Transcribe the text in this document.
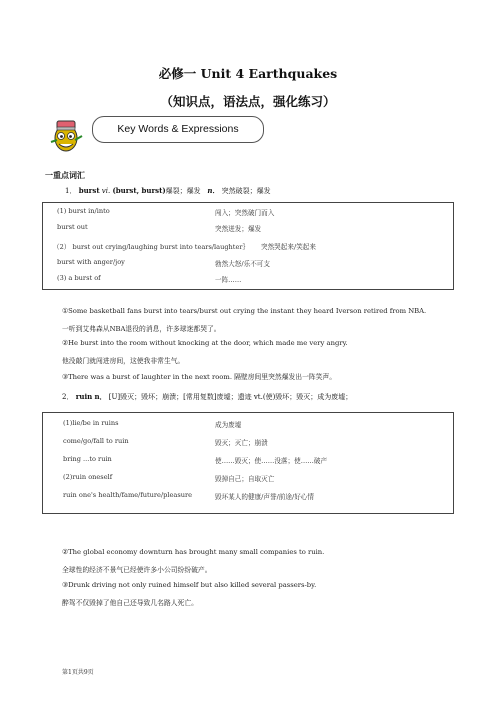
必修一 Unit 4 Earthquakes
（知识点，语法点，强化练习）
Key Words & Expressions
一重点词汇
1． burst vi. (burst, burst)爆裂；爆发 n． 突然破裂；爆发
(1) burst in/into	闯入；突然破门而入
burst out	突然迸发；爆发
（2） burst out crying/laughing burst into tears/laughter｝ 突然哭起来/笑起来
burst with anger/joy	勃然大怒/乐不可支
(3) a burst of	一阵……
①Some basketball fans burst into tears/burst out crying the instant they heard Iverson retired from NBA.
一听到艾弗森从NBA退役的消息，许多球迷都哭了。
②He burst into the room without knocking at the door, which made me very angry.
他没敲门就闯进房间，这使我非常生气。
③There was a burst of laughter in the next room. 隔壁房间里突然爆发出一阵笑声。
2． ruin n． [U]毁灭；毁坏；崩溃；[常用复数]废墟；遗迹 vt.(使)毁坏；毁灭；成为废墟；
(1)lie/be in ruins	成为废墟
come/go/fall to ruin	毁灭；灭亡；崩溃
bring ...to ruin	使……毁灭；使……没落；使……破产
(2)ruin oneself	毁掉自己；自取灭亡
ruin one's health/fame/future/pleasure	毁坏某人的健康/声誉/前途/好心情
②The global economy downturn has brought many small companies to ruin.
全球性的经济不景气已经使许多小公司纷纷破产。
③Drunk driving not only ruined himself but also killed several passers-by.
醉驾不仅毁掉了他自己还导致几名路人死亡。
第1页共9页
